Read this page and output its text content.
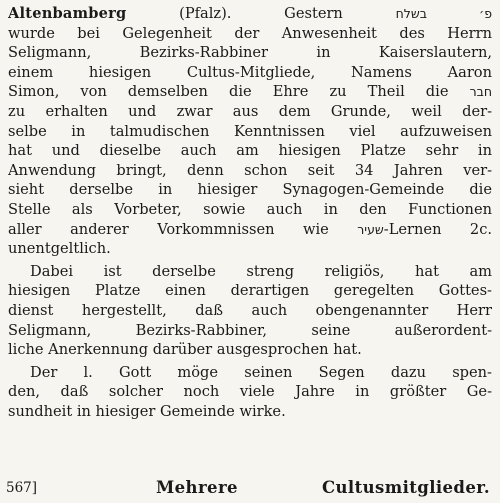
Altenbamberg	(Pfalz).	Gestern	פ׳ בשלח
wurde bei Gelegenheit der Anwesenheit des Herrn
Seligmann, Bezirks-Rabbiner in Kaiserslautern,
einem hiesigen Cultus-Mitgliede, Namens Aaron
Simon, von demselben die Ehre zu Theil die חבר
zu erhalten und zwar aus dem Grunde, weil der-
selbe in talmudischen Kenntnissen viel aufzuweisen
hat und dieselbe auch am hiesigen Platze sehr in
Anwendung bringt, denn schon seit 34 Jahren ver-
sieht derselbe in hiesiger Synagogen-Gemeinde die
Stelle als Vorbeter, sowie auch in den Functionen
aller anderer Vorkommnissen wie שעיר-Lernen 2c.
unentgeltlich.
Dabei ist derselbe streng religiös, hat am
hiesigen Platze einen derartigen geregelten Gottes-
dienst hergestellt, daß auch obengenannter Herr
Seligmann, Bezirks-Rabbiner, seine außerordent-
liche Anerkennung darüber ausgesprochen hat.
Der l. Gott möge seinen Segen dazu spen-
den, daß solcher noch viele Jahre in größter Ge-
sundheit in hiesiger Gemeinde wirke.
567]	Mehrere Cultusmitglieder.
